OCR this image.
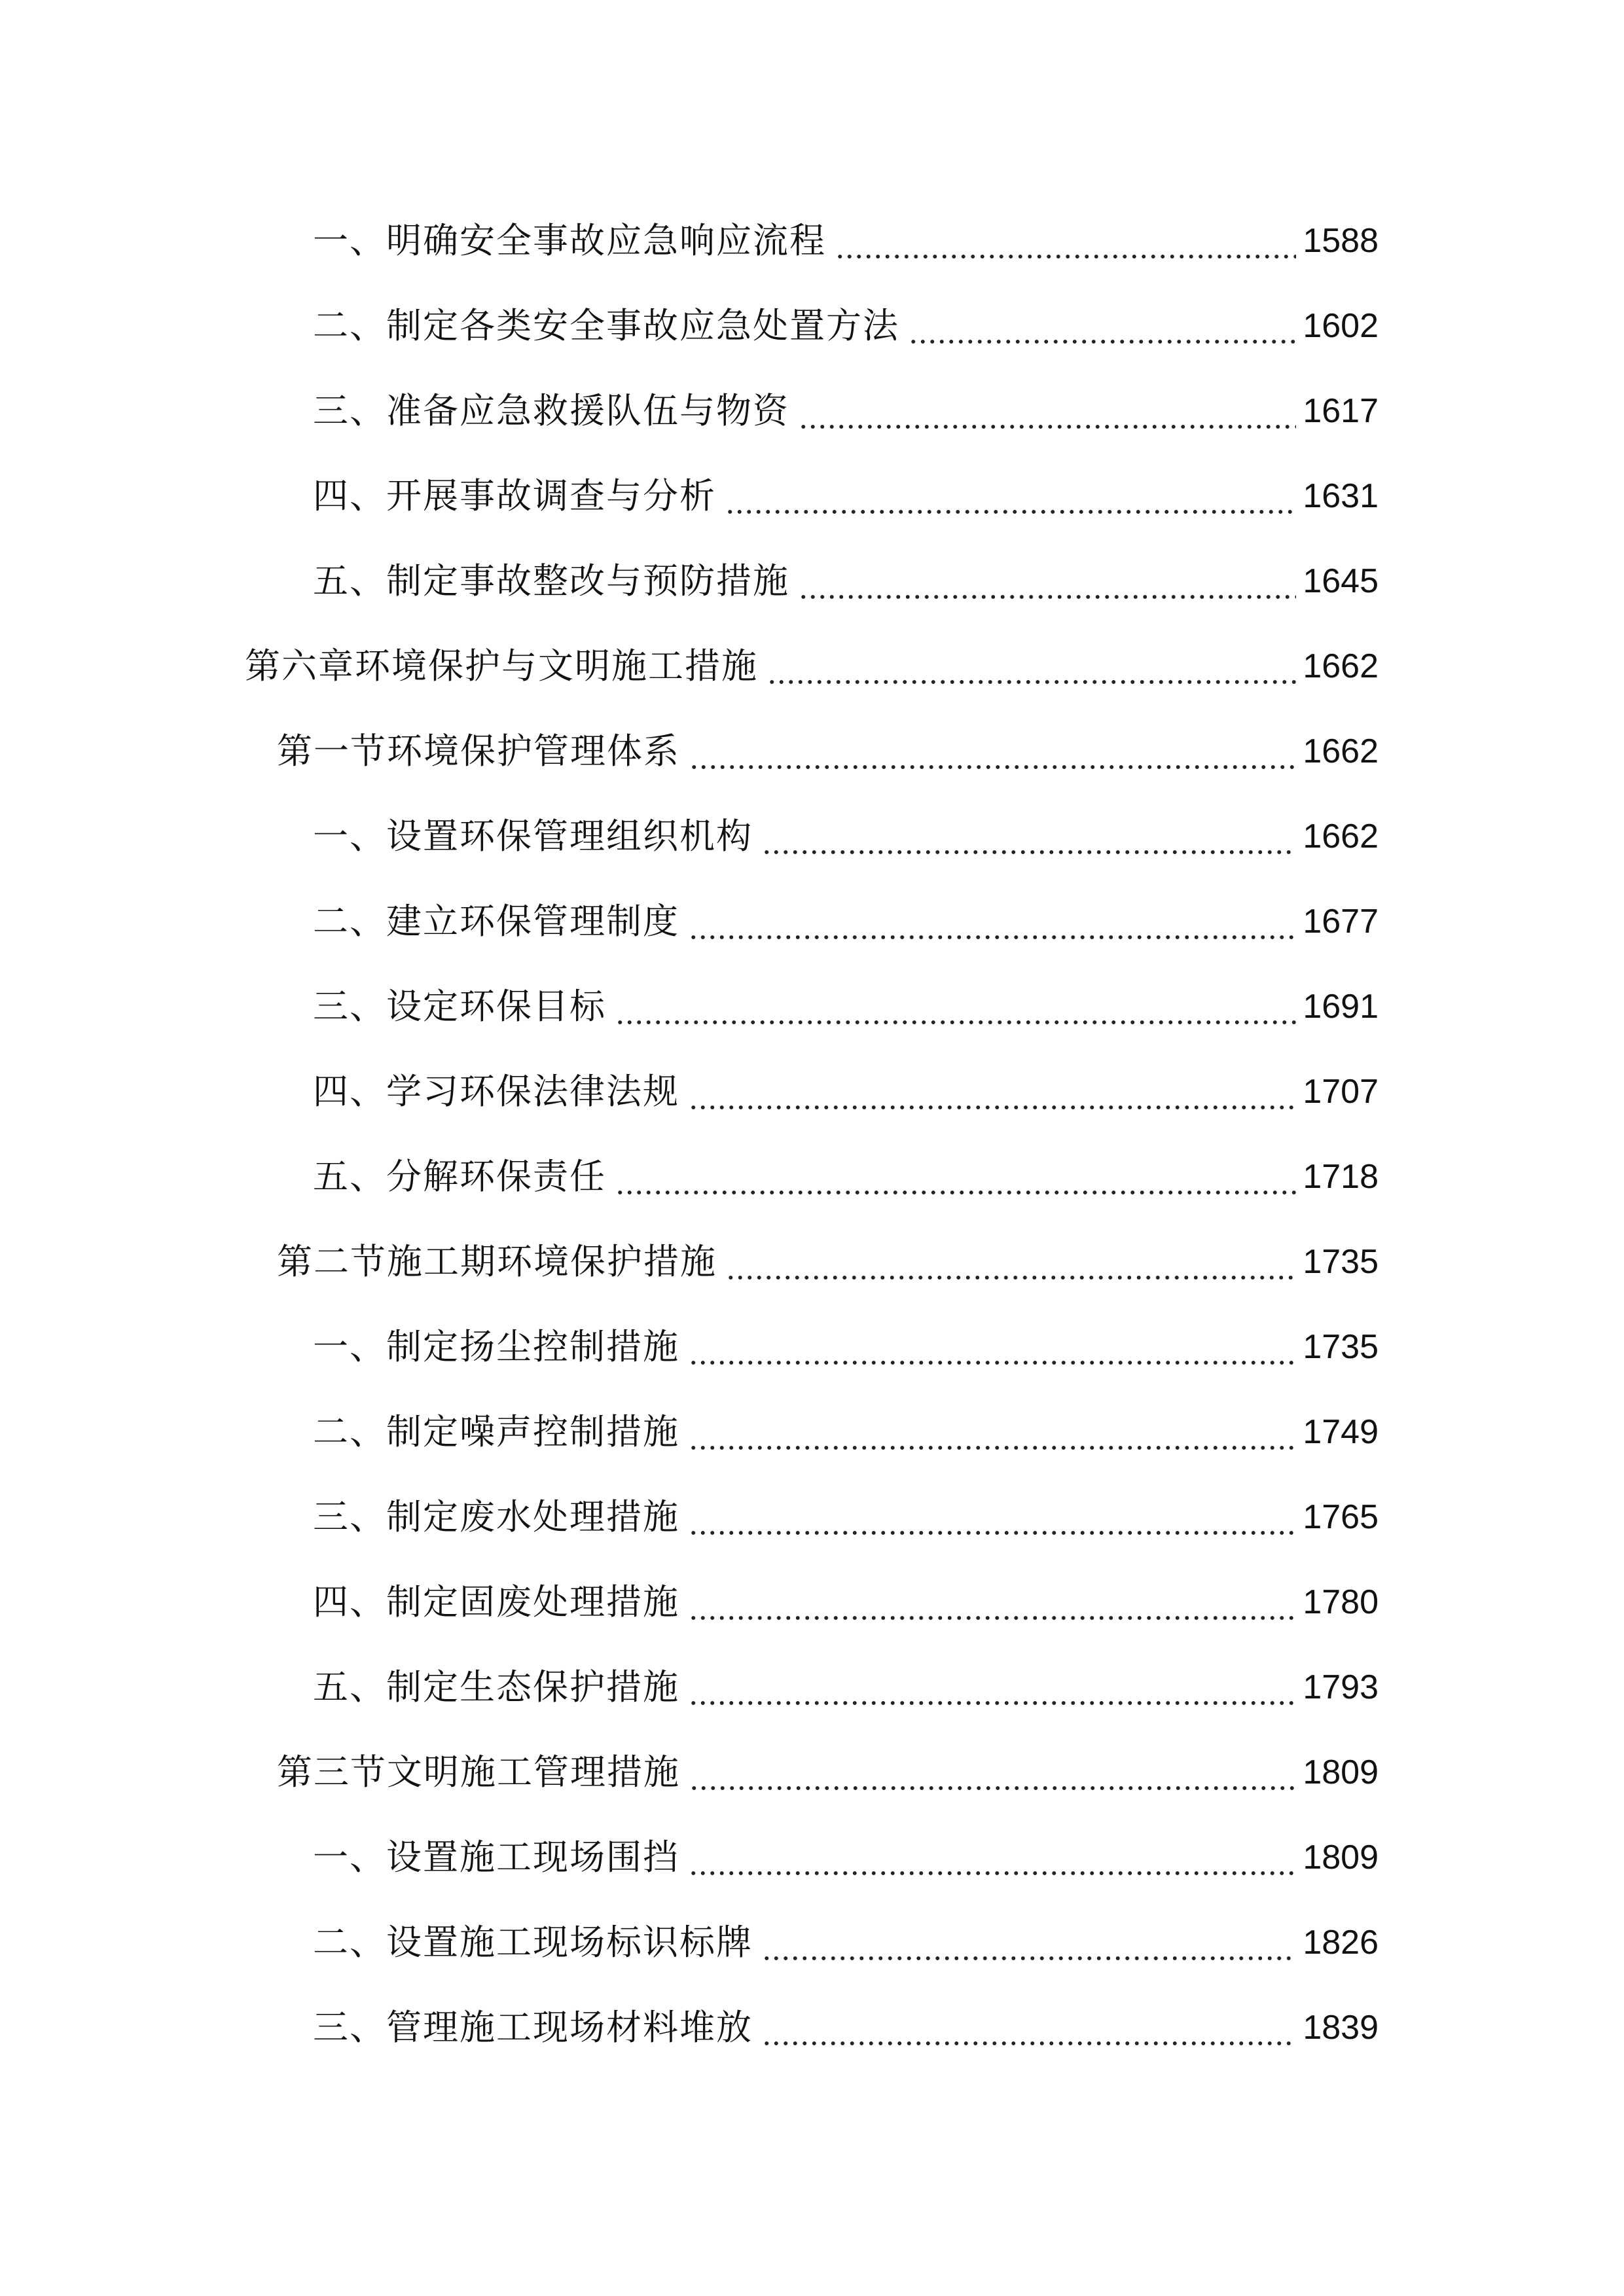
一、明确安全事故应急响应流程	1588
二、制定各类安全事故应急处置方法	1602
三、准备应急救援队伍与物资	1617
四、开展事故调查与分析	1631
五、制定事故整改与预防措施	1645
第六章环境保护与文明施工措施	1662
第一节环境保护管理体系	1662
一、设置环保管理组织机构	1662
二、建立环保管理制度	1677
三、设定环保目标	1691
四、学习环保法律法规	1707
五、分解环保责任	1718
第二节施工期环境保护措施	1735
一、制定扬尘控制措施	1735
二、制定噪声控制措施	1749
三、制定废水处理措施	1765
四、制定固废处理措施	1780
五、制定生态保护措施	1793
第三节文明施工管理措施	1809
一、设置施工现场围挡	1809
二、设置施工现场标识标牌	1826
三、管理施工现场材料堆放	1839
